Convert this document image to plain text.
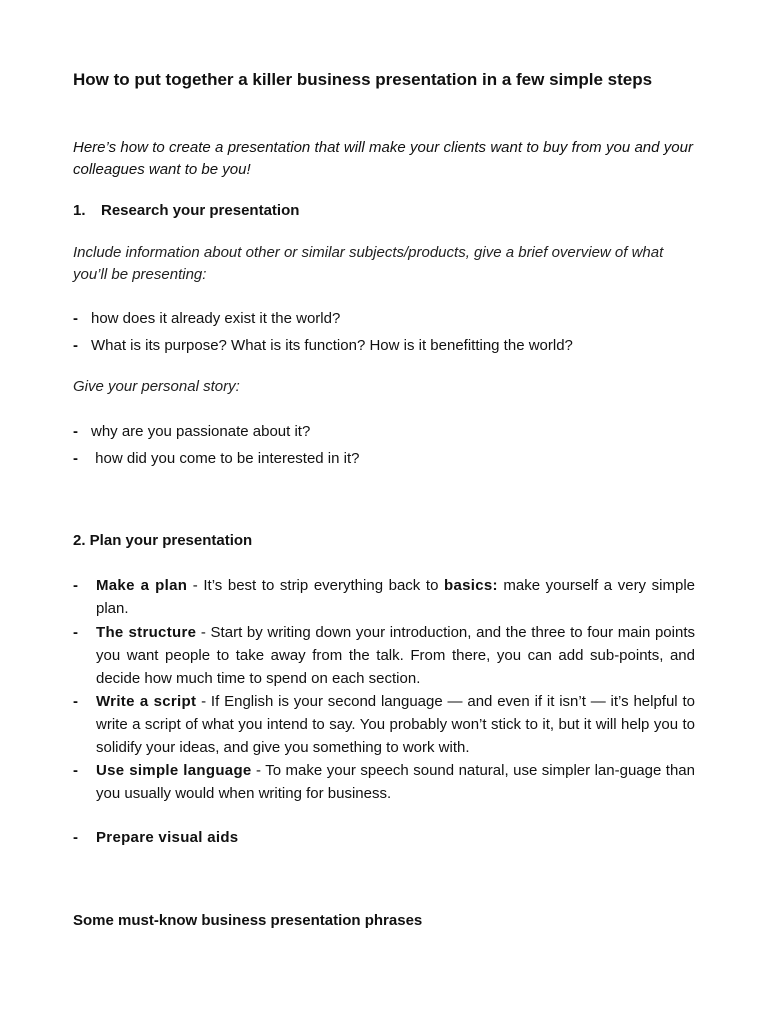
How to put together a killer business presentation in a few simple steps
Here’s how to create a presentation that will make your clients want to buy from you and your colleagues want to be you!
1. Research your presentation
Include information about other or similar subjects/products, give a brief overview of what you’ll be presenting:
- how does it already exist it the world?
- What is its purpose? What is its function? How is it benefitting the world?
Give your personal story:
- why are you passionate about it?
- how did you come to be interested in it?
2. Plan your presentation
- Make a plan - It’s best to strip everything back to basics: make yourself a very simple plan.
- The structure - Start by writing down your introduction, and the three to four main points you want people to take away from the talk. From there, you can add sub-points, and decide how much time to spend on each section.
- Write a script - If English is your second language — and even if it isn’t — it’s helpful to write a script of what you intend to say. You probably won’t stick to it, but it will help you to solidify your ideas, and give you something to work with.
- Use simple language - To make your speech sound natural, use simpler lan-guage than you usually would when writing for business.
- Prepare visual aids
Some must-know business presentation phrases
